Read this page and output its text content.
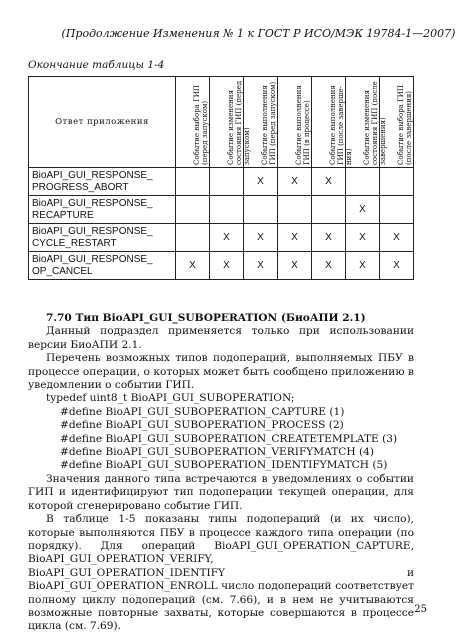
(Продолжение Изменения № 1 к ГОСТ Р ИСО/МЭК 19784-1—2007)
Окончание таблицы 1-4
Ответ приложения	Событие выбора ГИП (перед запуском)	Событие изменения состояния ГИП (перед запуском)	Событие выполнения ГИП (перед запуском)	Событие выполнения ГИП (в процессе)	Событие выполнения ГИП (после заверше-ния)	Событие изменения состояния ГИП (после завершения)	Событие выбора ГИП (после завершения)

BioAPI_GUI_RESPONSE_ PROGRESS_ABORT			X	X	X		
BioAPI_GUI_RESPONSE_ RECAPTURE						X	
BioAPI_GUI_RESPONSE_ CYCLE_RESTART		X	X	X	X	X	X
BioAPI_GUI_RESPONSE_ OP_CANCEL	X	X	X	X	X	X	X

7.70 Тип BioAPI_GUI_SUBOPERATION (БиоАПИ 2.1)

Данный подраздел применяется только при использовании версии БиоАПИ 2.1.

Перечень возможных типов подопераций, выполняемых ПБУ в процессе операции, о которых может быть сообщено приложению в уведомлении о событии ГИП.

typedef uint8_t BioAPI_GUI_SUBOPERATION;

#define BioAPI_GUI_SUBOPERATION_CAPTURE (1)

#define BioAPI_GUI_SUBOPERATION_PROCESS (2)

#define BioAPI_GUI_SUBOPERATION_CREATETEMPLATE (3)

#define BioAPI_GUI_SUBOPERATION_VERIFYMATCH (4)

#define BioAPI_GUI_SUBOPERATION_IDENTIFYMATCH (5)

Значения данного типа встречаются в уведомлениях о событии ГИП и идентифицируют тип подоперации текущей операции, для которой сгенерировано событие ГИП.

В таблице 1-5 показаны типы подопераций (и их число), которые выполняются ПБУ в процессе каждого типа операции (по порядку). Для операций BioAPI_GUI_OPERATION_CAPTURE, BioAPI_GUI_OPERATION_VERIFY, BioAPI_GUI_OPERATION_IDENTIFY и BioAPI_GUI_OPERATION_ENROLL число подопераций соответствует полному циклу подопераций (см. 7.66), и в нем не учитываются возможные повторные захваты, которые совершаются в процессе цикла (см. 7.69).

25
